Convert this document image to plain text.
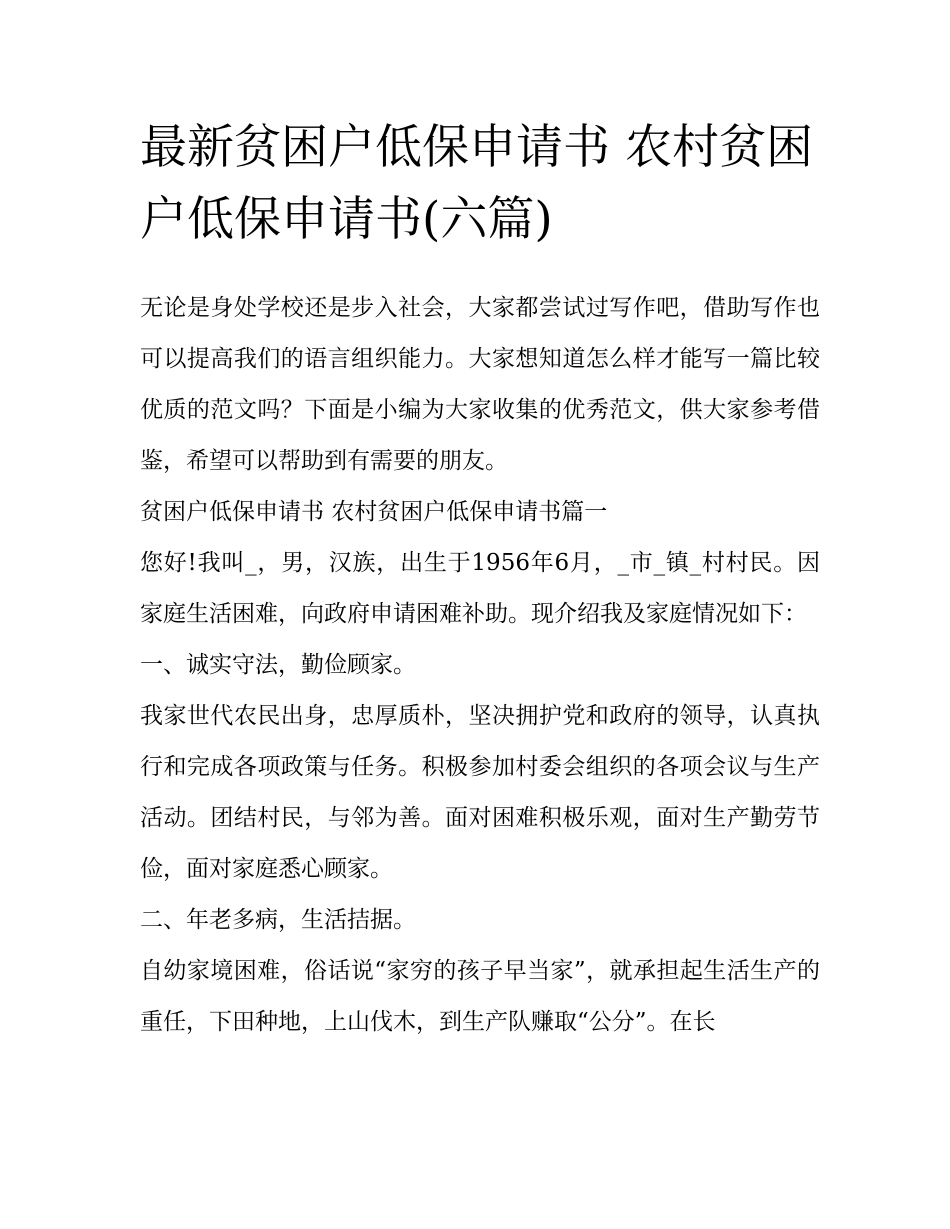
最新贫困户低保申请书 农村贫困户低保申请书(六篇)

无论是身处学校还是步入社会，大家都尝试过写作吧，借助写作也可以提高我们的语言组织能力。大家想知道怎么样才能写一篇比较优质的范文吗？下面是小编为大家收集的优秀范文，供大家参考借鉴，希望可以帮助到有需要的朋友。

贫困户低保申请书 农村贫困户低保申请书篇一

您好!我叫_，男，汉族，出生于1956年6月，_市_镇_村村民。因家庭生活困难，向政府申请困难补助。现介绍我及家庭情况如下：

一、诚实守法，勤俭顾家。

我家世代农民出身，忠厚质朴，坚决拥护党和政府的领导，认真执行和完成各项政策与任务。积极参加村委会组织的各项会议与生产活动。团结村民，与邻为善。面对困难积极乐观，面对生产勤劳节俭，面对家庭悉心顾家。

二、年老多病，生活拮据。

自幼家境困难，俗话说“家穷的孩子早当家”，就承担起生活生产的重任，下田种地，上山伐木，到生产队赚取“公分”。在长
